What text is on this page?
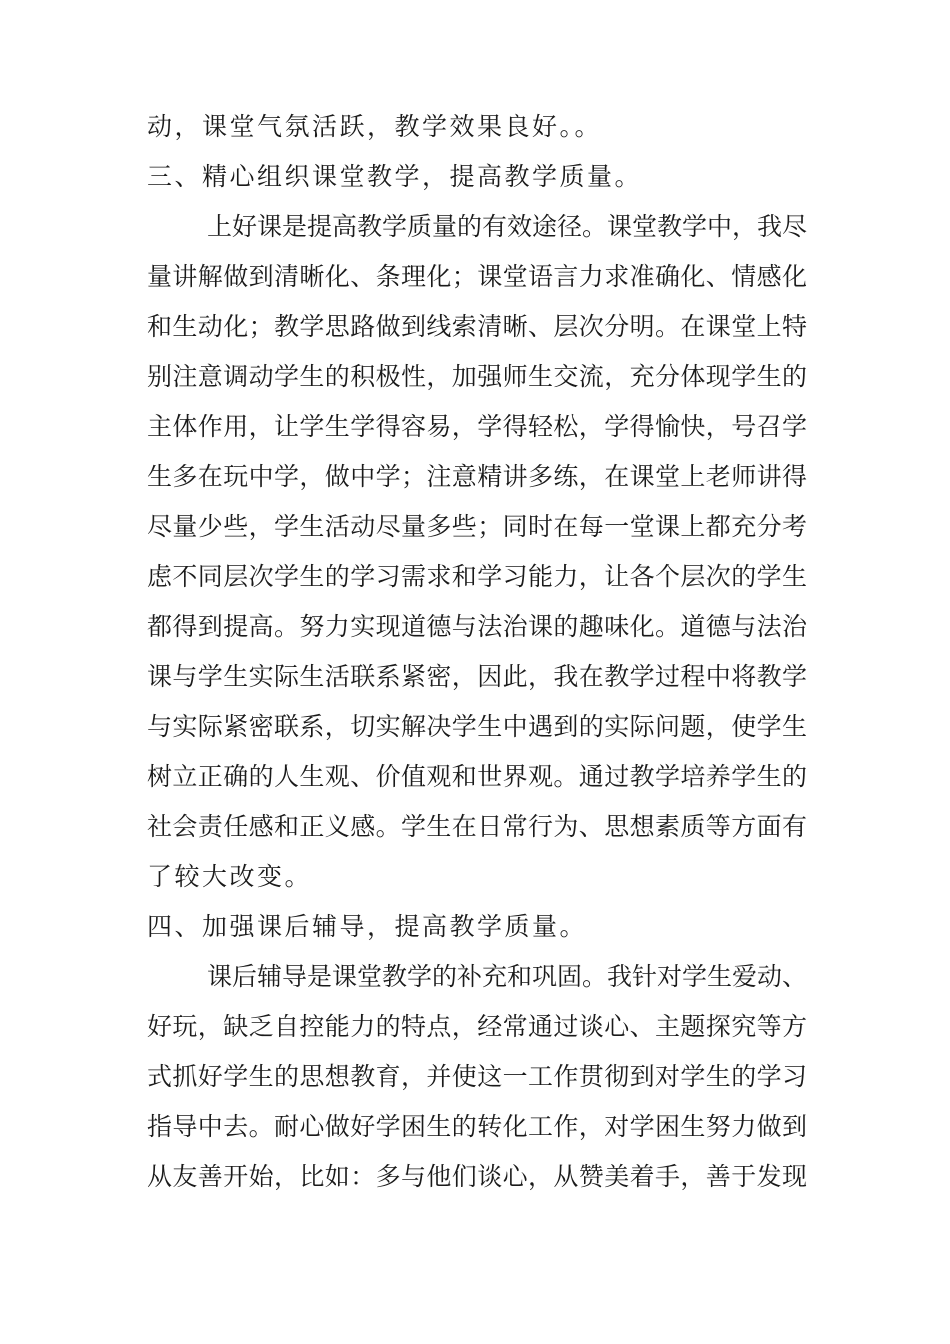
动，课堂气氛活跃，教学效果良好。。
三、精心组织课堂教学，提高教学质量。
上好课是提高教学质量的有效途径。课堂教学中，我尽
量讲解做到清晰化、条理化；课堂语言力求准确化、情感化
和生动化；教学思路做到线索清晰、层次分明。在课堂上特
别注意调动学生的积极性，加强师生交流，充分体现学生的
主体作用，让学生学得容易，学得轻松，学得愉快，号召学
生多在玩中学，做中学；注意精讲多练，在课堂上老师讲得
尽量少些，学生活动尽量多些；同时在每一堂课上都充分考
虑不同层次学生的学习需求和学习能力，让各个层次的学生
都得到提高。努力实现道德与法治课的趣味化。道德与法治
课与学生实际生活联系紧密，因此，我在教学过程中将教学
与实际紧密联系，切实解决学生中遇到的实际问题，使学生
树立正确的人生观、价值观和世界观。通过教学培养学生的
社会责任感和正义感。学生在日常行为、思想素质等方面有
了较大改变。
四、加强课后辅导，提高教学质量。
课后辅导是课堂教学的补充和巩固。我针对学生爱动、
好玩，缺乏自控能力的特点，经常通过谈心、主题探究等方
式抓好学生的思想教育，并使这一工作贯彻到对学生的学习
指导中去。耐心做好学困生的转化工作，对学困生努力做到
从友善开始，比如：多与他们谈心，从赞美着手，善于发现
